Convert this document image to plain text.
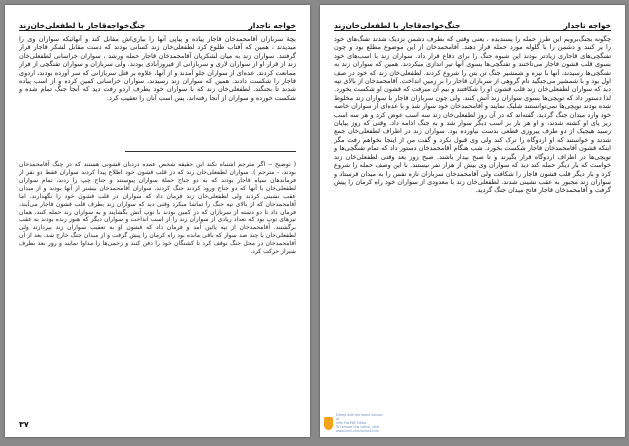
خواجه تاجدار
جنگ‌خواجه‌قاجار با لطفعلی‌خان‌زند

بچهٔ سربازان آقامحمدخان قاجار پیاده و پیاپی آنها را بیاری‌اش مقابل کند و آنهائیکه سواران وی را میدیدند ، همین که آفتاب طلوع کرد لطفعلی‌خان زند کسانی بودند که دست مقابل لشکر قاجار قرار گرفتند. سواران زند به میان لشکریان آقامحمدخان قاجار حمله ورشد ، سواران خراسانی لطفعلی‌خان زند از قرار او از سواران لاری و سربازانی از فیروزآبادی بودند. ولی سربازان و سواران تفنگچی از فرار ممانعت کردند. عده‌ای از سواران جلو آمدند و از آنها، علاوه بر قتل سربازانی که سر آورده بودند، اردوی قاجار را شکست دادند. همین که سواران زند رسیدند، سواران خراسانی کمین کرده و از اسب پیاده شدند تا بجنگند. لطفعلی‌خان زند که با سواران خود بطرف اردو رفت دید که آنجا جنگ تمام شده و شکست خورده و سواران از آنجا رفته‌اند، پس اسب آنان را تعقیب کرد.

( توضیح -- اگر مترجم اشتباه نکند این حقیقه شخص عمده دزدیان قشونی هستند که در چنگ آقامحمدخان بودند. - مترجم ). سواران لطفعلی‌خان زند که در قلب قشون خود اطلاع پیدا کردند سواران فقط دو نفر از فرماندهان سپاه قاجار بودند که به دو جناح حملهٔ سواران پیوستند و جناح چپ را زدند، تمام سواران لطفعلی‌خان با آنها که دو جناح ورود کردند جنگ کردند. سواران آقامحمدخان بیشتر از آنها بودند و از میدان عقب نشینی کردند ولی لطفعلی‌خان زند فرمان داد که سواران در قلب قشون خود را نگهدارند. اما آقامحمدخان که از بالای تپه جنگ را تماشا میکرد وقتی دید که سواران زند بطرف قلب قشون قاجار می‌آیند، فرمان داد تا دو دسته از سربازان که در کمین بودند با توپ آتش بگشایند و به سواران زند حمله کنند. همان تیرهای توپ بود که تعداد زیادی از سواران زند را از اسب انداخت و سواران دیگر که هنوز زنده بودند به عقب برگشتند. آقامحمدخان از تپه پائین آمد و فرمان داد که قشون او به تعقیب سواران زند بپردازند ولی لطفعلی‌خان با چند صد سوار که باقی مانده بود راه کرمان را پیش گرفت و از میدان جنگ خارج شد. بعد از آن آقامحمدخان در محل جنگ توقف کرد تا کشتگان خود را دفن کنند و زخمی‌ها را مداوا نمایند و روز بعد بطرف شیراز حرکت کرد.

۳۷
خواجه تاجدار
جنگ‌خواجه‌قاجار با لطفعلی‌خان‌زند

چگونه بجنگ‌برویم این طرز حمله را پسندیده ، یعنی وقتی که بطرف دشمن نزدیک شدند تفنگ‌های خود را پر کنند و دشمن را با گلوله مورد حمله قرار دهند. آقامحمدخان از این موضوع مطلع بود و چون تفنگچی‌های قاجاری زیادتر بودند این شیوه جنگ را برای دفاع قرار داد. سواران زند با اسب‌های خود بسوی قلب قشون قاجار می‌تاختند و تفنگچی‌ها بسوی آنها تیر اندازی میکردند. همین که سواران زند به تفنگچی‌ها رسیدند، آنها با نیزه و شمشیر جنگ تن بتن را شروع کردند. لطفعلی‌خان زند که خود در صف اول بود و با شمشیر می‌جنگید نام گروهی از سربازان قاجار را بر زمین انداخت. آقامحمدخان از بالای تپه دید که سواران لطفعلی‌خان زند قلب قشون او را شکافتند و بیم آن میرفت که قشون او شکست بخورد. لذا دستور داد که توپچی‌ها بسوی سواران زند آتش کنند. ولی چون سربازان قاجار با سواران زند مخلوط شده بودند توپچی‌ها نمی‌توانستند شلیک نمایند و آقامحمدخان خود سوار شد و با عده‌ای از سواران خاصه خود وارد میدان جنگ گردید. گفته‌اند که در آن روز لطفعلی‌خان زند سه اسب عوض کرد و هر سه اسب زیر پای او کشته شدند، و او هر بار بر اسب دیگر سوار شد و به جنگ ادامه داد. وقتی که روز بپایان رسید هیچیک از دو طرف پیروزی قطعی بدست نیاورده بود. سواران زند در اطراف لطفعلی‌خان جمع شدند و خواستند که او اردوگاه را ترک کند ولی وی قبول نکرد و گفت من از اینجا نخواهم رفت مگر اینکه قشون آقامحمدخان قاجار شکست بخورد. شب هنگام آقامحمدخان دستور داد که تمام تفنگچی‌ها و توپچی‌ها در اطراف اردوگاه قرار بگیرند و تا صبح بیدار باشند. صبح روز بعد وقتی لطفعلی‌خان زند خواست که بار دیگر حمله کند دید که سواران وی بیش از هزار نفر نیستند. با این وصف حمله را شروع کرد و بار دیگر قلب قشون قاجار را شکافت ولی آقامحمدخان سربازان تازه نفس را به میدان فرستاد و سواران زند مجبور به عقب نشینی شدند. لطفعلی‌خان زند با معدودی از سواران خود راه کرمان را پیش گرفت و آقامحمدخان قاجار فاتح میدان جنگ گردید.

Edited with the demo version of
Infix Pro PDF Editor
To remove this notice, visit:
www.iceni.com/unlock.htm
